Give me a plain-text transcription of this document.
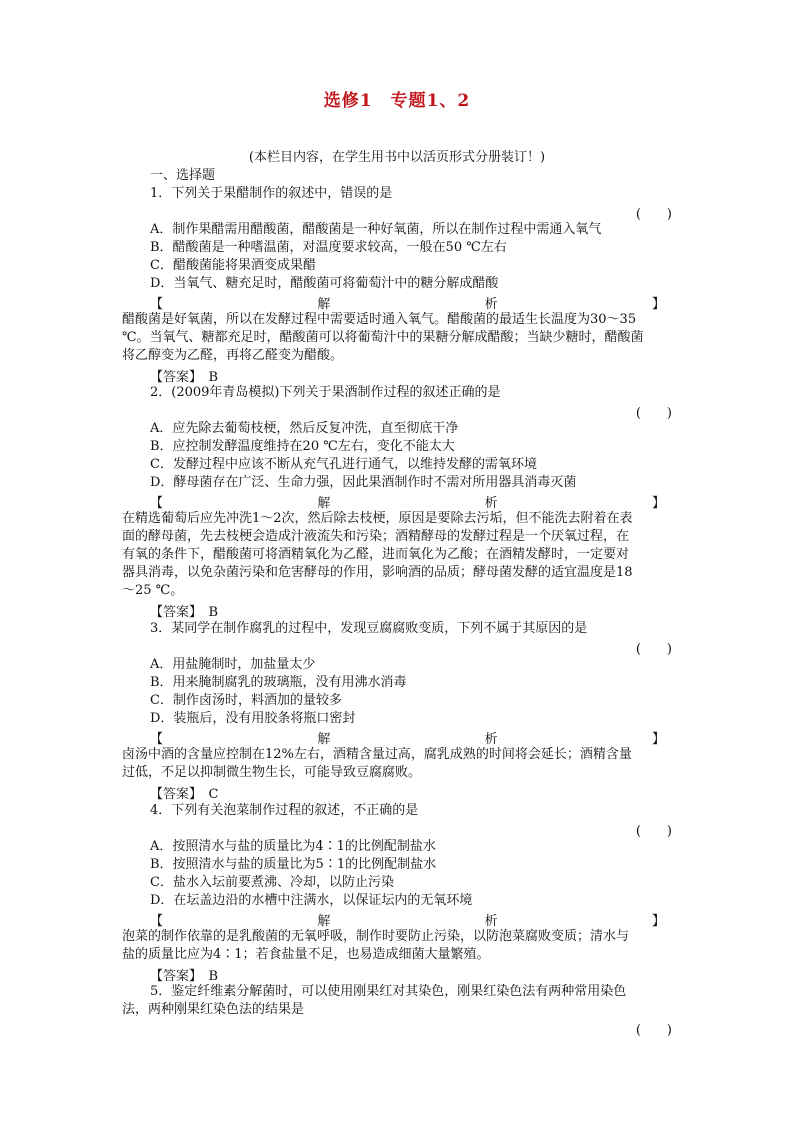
选修1　专题1、2
(本栏目内容，在学生用书中以活页形式分册装订！)
一、选择题
1．下列关于果醋制作的叙述中，错误的是
(　　)
A．制作果醋需用醋酸菌，醋酸菌是一种好氧菌，所以在制作过程中需通入氧气
B．醋酸菌是一种嗜温菌，对温度要求较高，一般在50 ℃左右
C．醋酸菌能将果酒变成果醋
D．当氧气、糖充足时，醋酸菌可将葡萄汁中的糖分解成醋酸
【	解	析	】
醋酸菌是好氧菌，所以在发酵过程中需要适时通入氧气。醋酸菌的最适生长温度为30～35
℃。当氧气、糖都充足时，醋酸菌可以将葡萄汁中的果糖分解成醋酸；当缺少糖时，醋酸菌
将乙醇变为乙醛，再将乙醛变为醋酸。
【答案】　B
2．(2009年青岛模拟)下列关于果酒制作过程的叙述正确的是
(　　)
A．应先除去葡萄枝梗，然后反复冲洗，直至彻底干净
B．应控制发酵温度维持在20 ℃左右，变化不能太大
C．发酵过程中应该不断从充气孔进行通气，以维持发酵的需氧环境
D．酵母菌存在广泛、生命力强，因此果酒制作时不需对所用器具消毒灭菌
【	解	析	】
在精选葡萄后应先冲洗1～2次，然后除去枝梗，原因是要除去污垢，但不能洗去附着在表
面的酵母菌，先去枝梗会造成汁液流失和污染；酒精酵母的发酵过程是一个厌氧过程，在
有氧的条件下，醋酸菌可将酒精氧化为乙醛，进而氧化为乙酸；在酒精发酵时，一定要对
器具消毒，以免杂菌污染和危害酵母的作用，影响酒的品质；酵母菌发酵的适宜温度是18
～25 ℃。
【答案】　B
3．某同学在制作腐乳的过程中，发现豆腐腐败变质，下列不属于其原因的是
(　　)
A．用盐腌制时，加盐量太少
B．用来腌制腐乳的玻璃瓶，没有用沸水消毒
C．制作卤汤时，料酒加的量较多
D．装瓶后，没有用胶条将瓶口密封
【	解	析	】
卤汤中酒的含量应控制在12%左右，酒精含量过高，腐乳成熟的时间将会延长；酒精含量
过低，不足以抑制微生物生长，可能导致豆腐腐败。
【答案】　C
4．下列有关泡菜制作过程的叙述，不正确的是
(　　)
A．按照清水与盐的质量比为4∶1的比例配制盐水
B．按照清水与盐的质量比为5∶1的比例配制盐水
C．盐水入坛前要煮沸、冷却，以防止污染
D．在坛盖边沿的水槽中注满水，以保证坛内的无氧环境
【	解	析	】
泡菜的制作依靠的是乳酸菌的无氧呼吸，制作时要防止污染，以防泡菜腐败变质；清水与
盐的质量比应为4∶1；若食盐量不足，也易造成细菌大量繁殖。
【答案】　B
5．鉴定纤维素分解菌时，可以使用刚果红对其染色，刚果红染色法有两种常用染色
法，两种刚果红染色法的结果是
(　　)
